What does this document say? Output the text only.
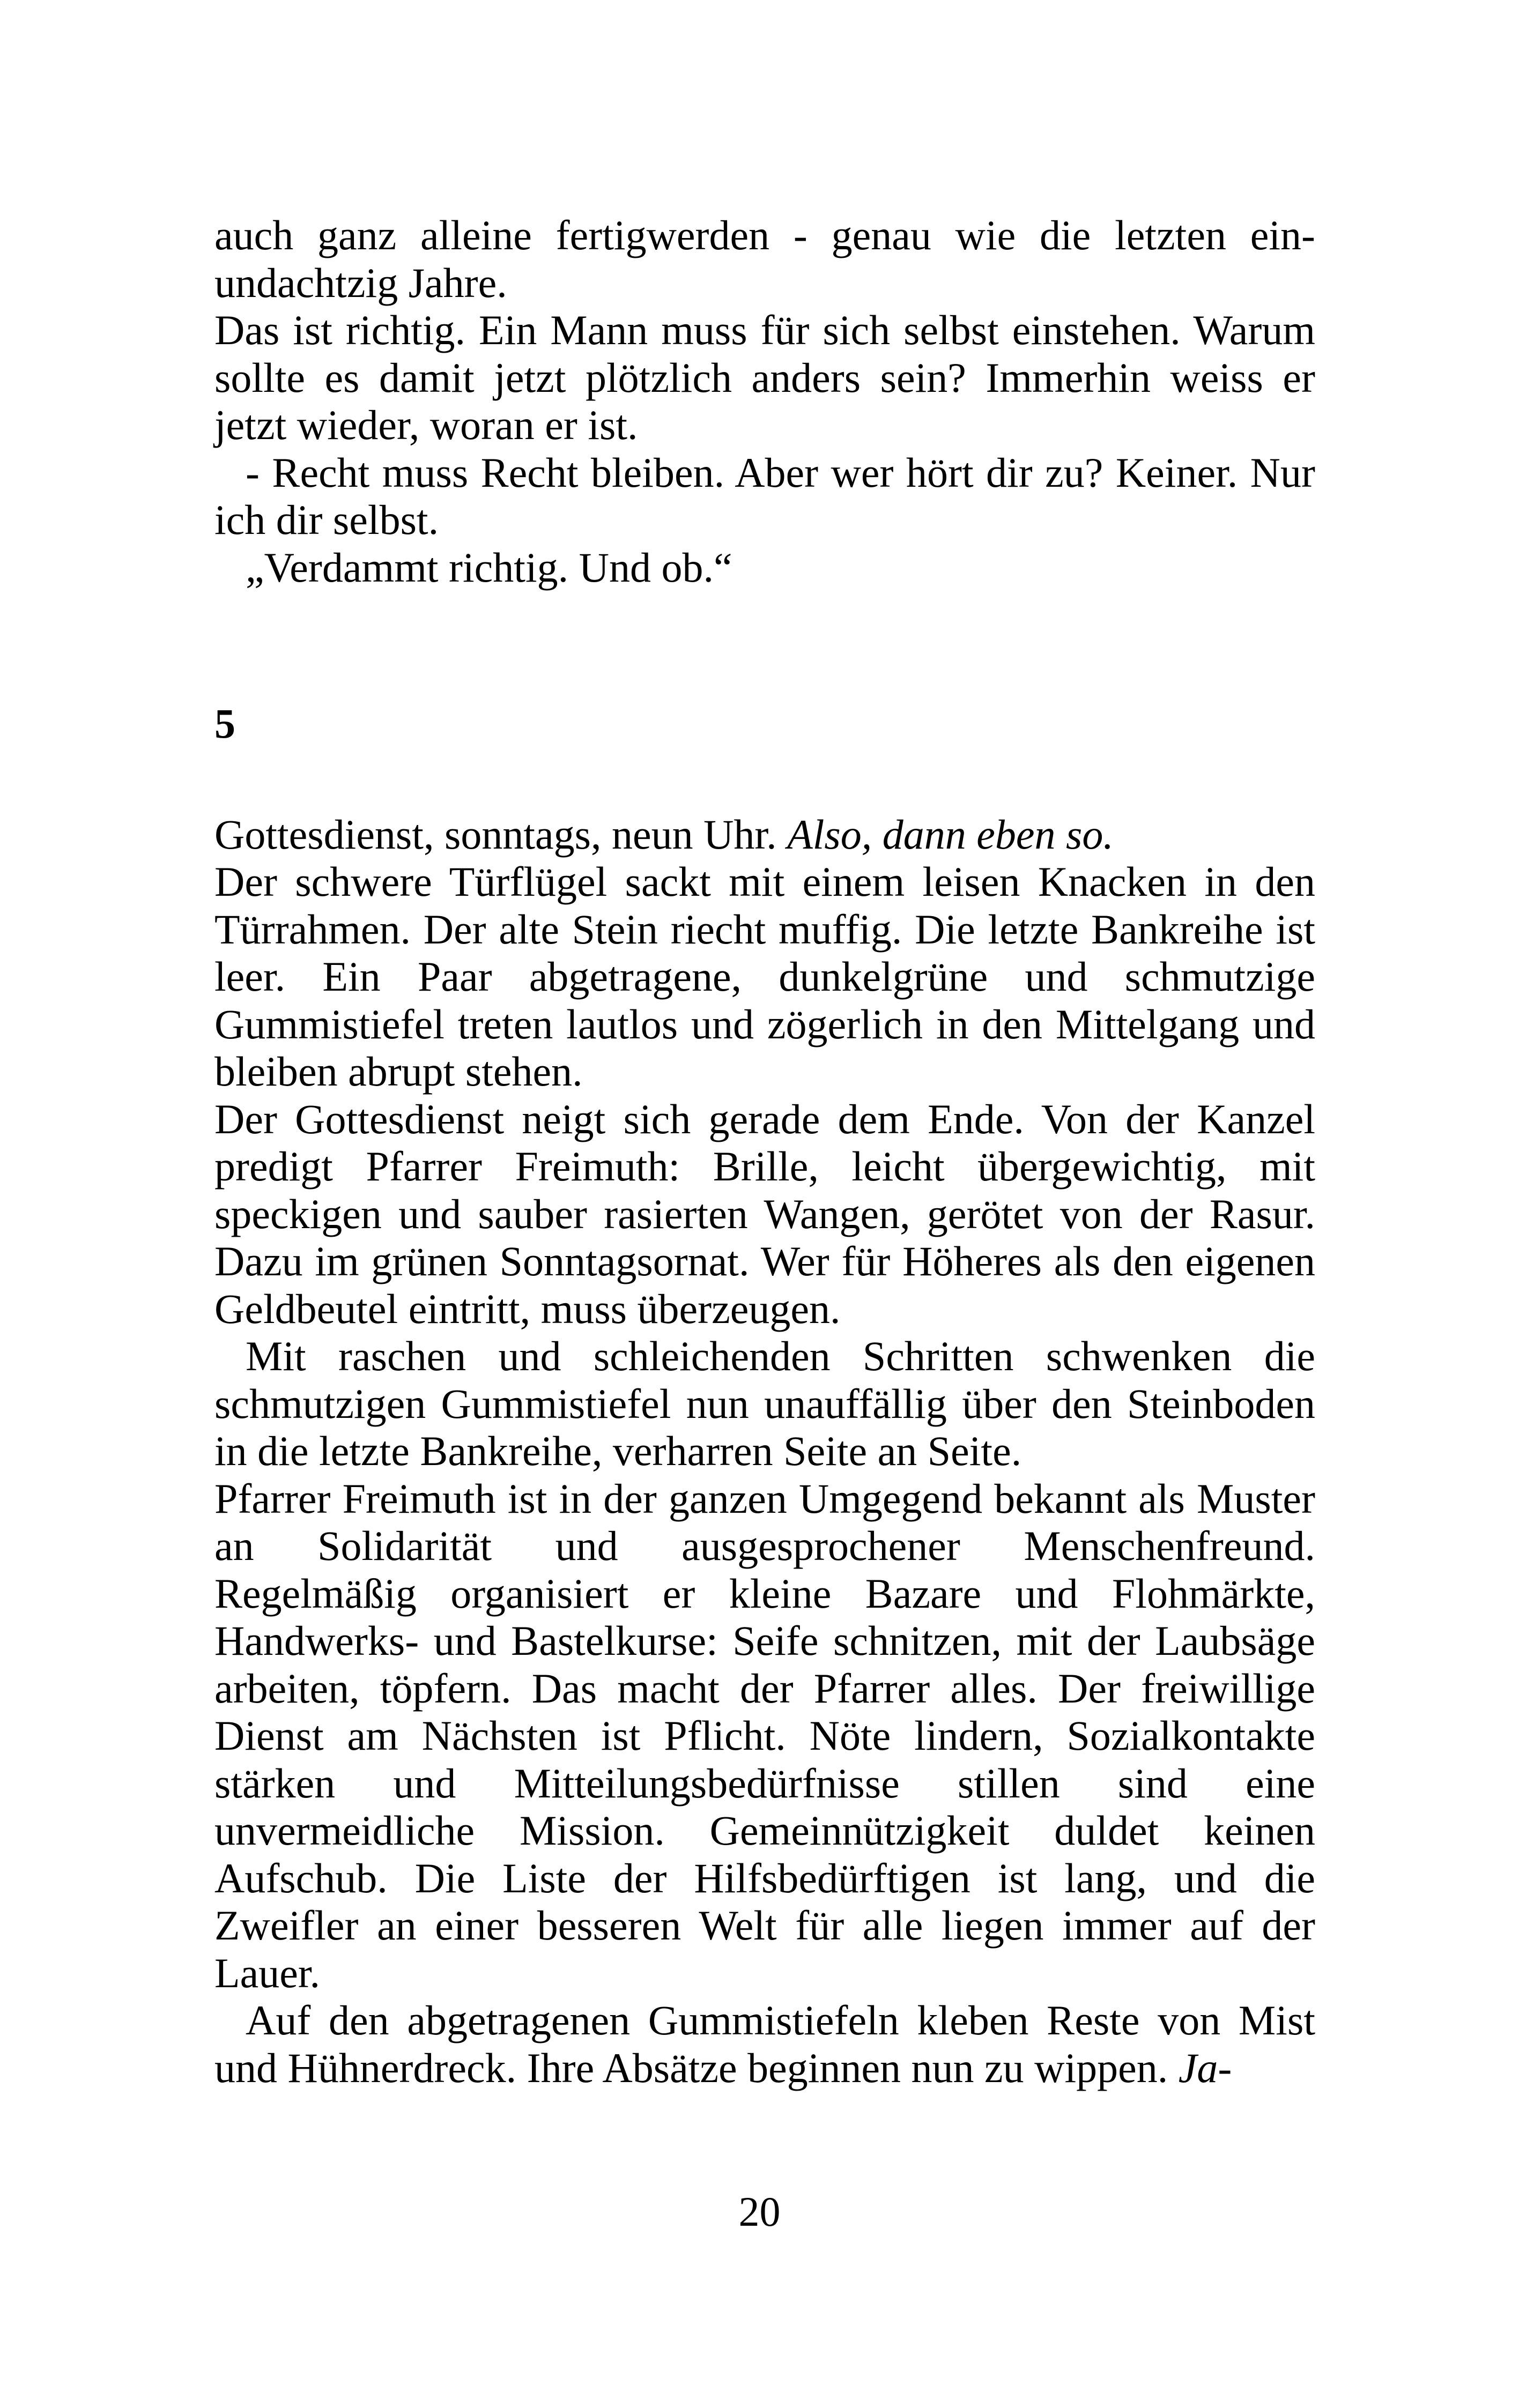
auch ganz alleine fertigwerden - genau wie die letzten einundachtzig Jahre.

Das ist richtig. Ein Mann muss für sich selbst einstehen. Warum sollte es damit jetzt plötzlich anders sein? Immerhin weiss er jetzt wieder, woran er ist.

- Recht muss Recht bleiben. Aber wer hört dir zu? Keiner. Nur ich dir selbst.

„Verdammt richtig. Und ob.“

5

Gottesdienst, sonntags, neun Uhr. Also, dann eben so.

Der schwere Türflügel sackt mit einem leisen Knacken in den Türrahmen. Der alte Stein riecht muffig. Die letzte Bankreihe ist leer. Ein Paar abgetragene, dunkelgrüne und schmutzige Gummistiefel treten lautlos und zögerlich in den Mittelgang und bleiben abrupt stehen.

Der Gottesdienst neigt sich gerade dem Ende. Von der Kanzel predigt Pfarrer Freimuth: Brille, leicht übergewichtig, mit speckigen und sauber rasierten Wangen, gerötet von der Rasur. Dazu im grünen Sonntagsornat. Wer für Höheres als den eigenen Geldbeutel eintritt, muss überzeugen.

Mit raschen und schleichenden Schritten schwenken die schmutzigen Gummistiefel nun unauffällig über den Steinboden in die letzte Bankreihe, verharren Seite an Seite.

Pfarrer Freimuth ist in der ganzen Umgegend bekannt als Muster an Solidarität und ausgesprochener Menschenfreund. Regelmäßig organisiert er kleine Bazare und Flohmärkte, Handwerks- und Bastelkurse: Seife schnitzen, mit der Laubsäge arbeiten, töpfern. Das macht der Pfarrer alles. Der freiwillige Dienst am Nächsten ist Pflicht. Nöte lindern, Sozialkontakte stärken und Mitteilungsbedürfnisse stillen sind eine unvermeidliche Mission. Gemeinnützigkeit duldet keinen Aufschub. Die Liste der Hilfsbedürftigen ist lang, und die Zweifler an einer besseren Welt für alle liegen immer auf der Lauer.

Auf den abgetragenen Gummistiefeln kleben Reste von Mist und Hühnerdreck. Ihre Absätze beginnen nun zu wippen. Ja-

20
